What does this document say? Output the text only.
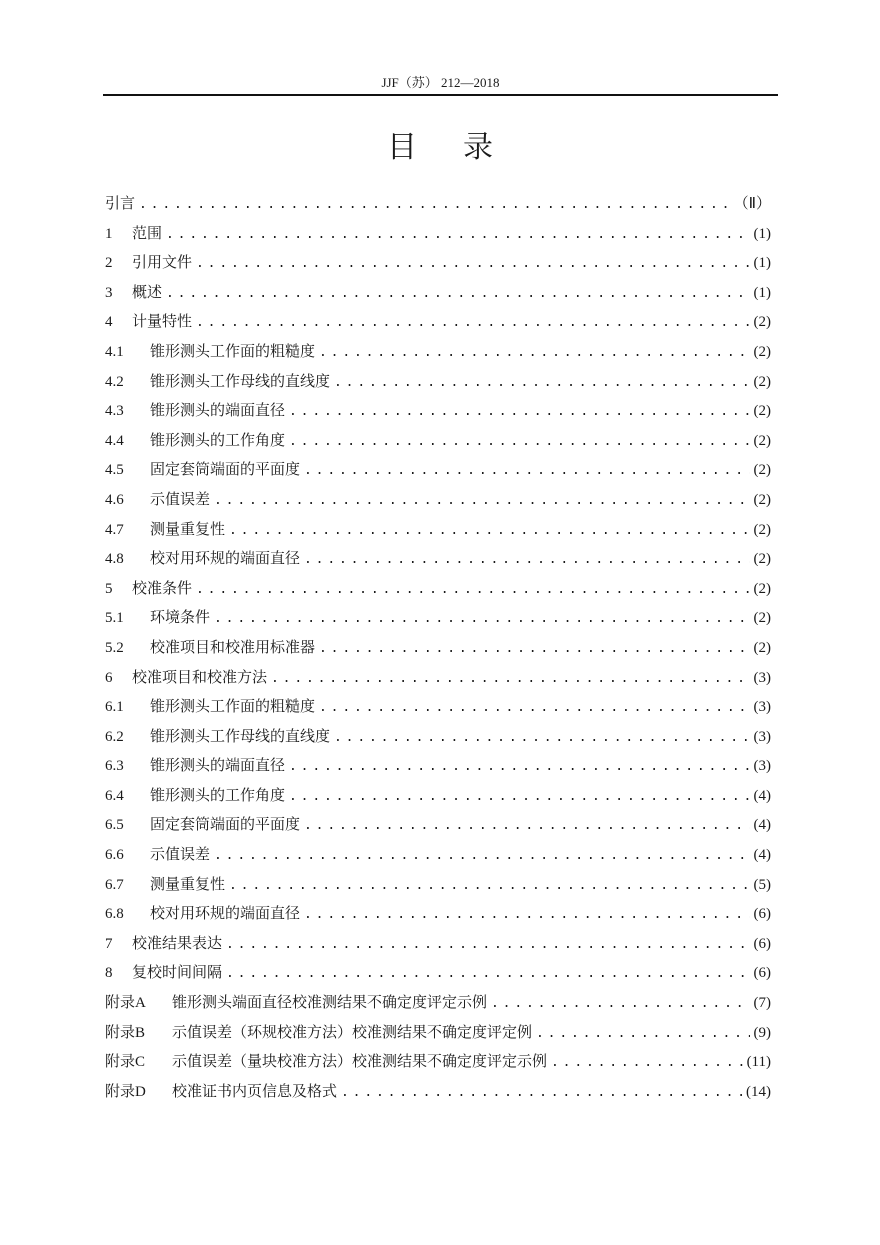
JJF（苏） 212—2018
目录
引言 . . .	（Ⅱ）
1	范围 . . .	(1)
2	引用文件 . . .	(1)
3	概述 . . .	(1)
4	计量特性 . . .	(2)
4.1	锥形测头工作面的粗糙度 . . .	(2)
4.2	锥形测头工作母线的直线度 . . .	(2)
4.3	锥形测头的端面直径 . . .	(2)
4.4	锥形测头的工作角度 . . .	(2)
4.5	固定套筒端面的平面度 . . .	(2)
4.6	示值误差 . . .	(2)
4.7	测量重复性 . . .	(2)
4.8	校对用环规的端面直径 . . .	(2)
5	校准条件 . . .	(2)
5.1	环境条件 . . .	(2)
5.2	校准项目和校准用标准器 . . .	(2)
6	校准项目和校准方法 . . .	(3)
6.1	锥形测头工作面的粗糙度 . . .	(3)
6.2	锥形测头工作母线的直线度 . . .	(3)
6.3	锥形测头的端面直径 . . .	(3)
6.4	锥形测头的工作角度 . . .	(4)
6.5	固定套筒端面的平面度 . . .	(4)
6.6	示值误差 . . .	(4)
6.7	测量重复性 . . .	(5)
6.8	校对用环规的端面直径 . . .	(6)
7	校准结果表达 . . .	(6)
8	复校时间间隔 . . .	(6)
附录A	锥形测头端面直径校准测结果不确定度评定示例 . . .	(7)
附录B	示值误差（环规校准方法）校准测结果不确定度评定例 . . .	(9)
附录C	示值误差（量块校准方法）校准测结果不确定度评定示例 . . .	(11)
附录D	校准证书内页信息及格式 . . .	(14)
